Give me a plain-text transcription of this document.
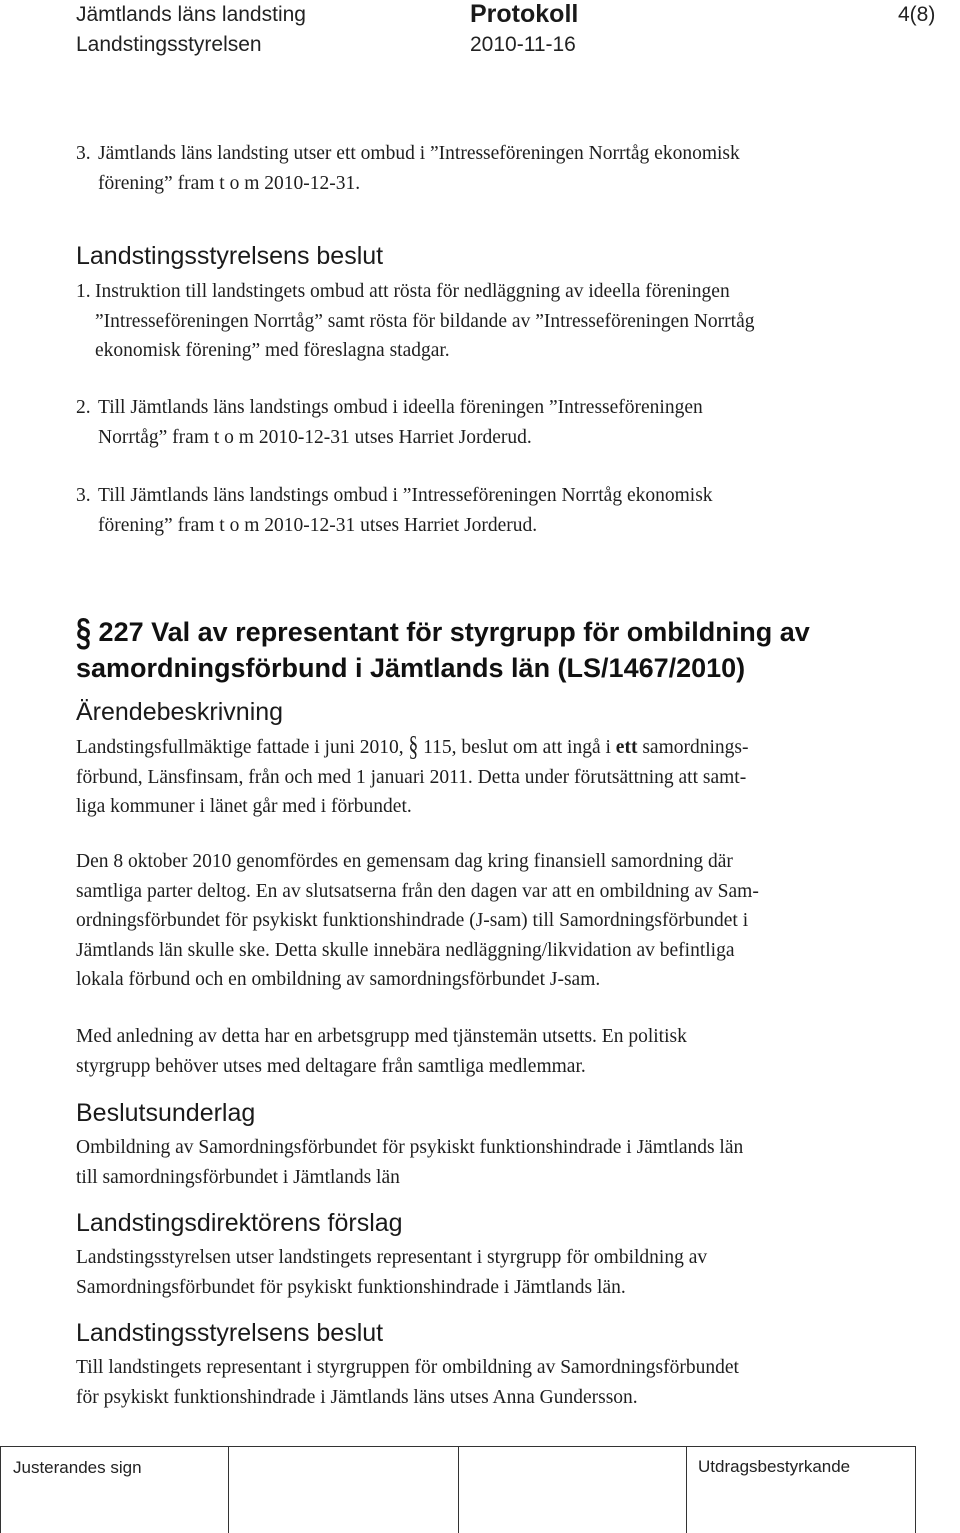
Jämtlands läns landsting
Landstingsstyrelsen
Protokoll
2010-11-16
4(8)
3. Jämtlands läns landsting utser ett ombud i ”Intresseföreningen Norrtåg ekonomisk
förening” fram t o m 2010-12-31.
Landstingsstyrelsens beslut
1. Instruktion till landstingets ombud att rösta för nedläggning av ideella föreningen
”Intresseföreningen Norrtåg” samt rösta för bildande av ”Intresseföreningen Norrtåg
ekonomisk förening” med föreslagna stadgar.
2. Till Jämtlands läns landstings ombud i ideella föreningen ”Intresseföreningen
Norrtåg” fram t o m 2010-12-31 utses Harriet Jorderud.
3. Till Jämtlands läns landstings ombud i ”Intresseföreningen Norrtåg ekonomisk
förening” fram t o m 2010-12-31 utses Harriet Jorderud.
§ 227 Val av representant för styrgrupp för ombildning av
samordningsförbund i Jämtlands län (LS/1467/2010)
Ärendebeskrivning
Landstingsfullmäktige fattade i juni 2010, § 115, beslut om att ingå i ett samordnings-
förbund, Länsfinsam, från och med 1 januari 2011. Detta under förutsättning att samt-
liga kommuner i länet går med i förbundet.
Den 8 oktober 2010 genomfördes en gemensam dag kring finansiell samordning där
samtliga parter deltog. En av slutsatserna från den dagen var att en ombildning av Sam-
ordningsförbundet för psykiskt funktionshindrade (J-sam) till Samordningsförbundet i
Jämtlands län skulle ske. Detta skulle innebära nedläggning/likvidation av befintliga
lokala förbund och en ombildning av samordningsförbundet J-sam.
Med anledning av detta har en arbetsgrupp med tjänstemän utsetts. En politisk
styrgrupp behöver utses med deltagare från samtliga medlemmar.
Beslutsunderlag
Ombildning av Samordningsförbundet för psykiskt funktionshindrade i Jämtlands län
till samordningsförbundet i Jämtlands län
Landstingsdirektörens förslag
Landstingsstyrelsen utser landstingets representant i styrgrupp för ombildning av
Samordningsförbundet för psykiskt funktionshindrade i Jämtlands län.
Landstingsstyrelsens beslut
Till landstingets representant i styrgruppen för ombildning av Samordningsförbundet
för psykiskt funktionshindrade i Jämtlands läns utses Anna Gundersson.
Justerandes sign	Utdragsbestyrkande
